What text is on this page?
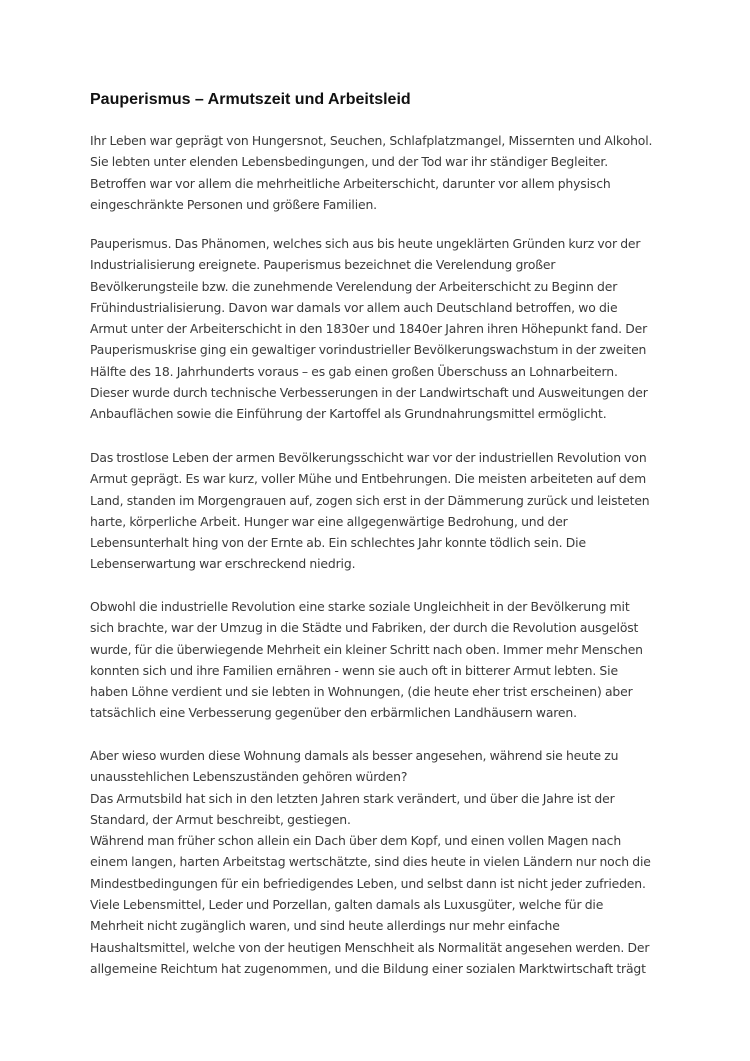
Pauperismus – Armutszeit und Arbeitsleid
Ihr Leben war geprägt von Hungersnot, Seuchen, Schlafplatzmangel, Missernten und Alkohol.
Sie lebten unter elenden Lebensbedingungen, und der Tod war ihr ständiger Begleiter.
Betroffen war vor allem die mehrheitliche Arbeiterschicht, darunter vor allem physisch
eingeschränkte Personen und größere Familien.
Pauperismus. Das Phänomen, welches sich aus bis heute ungeklärten Gründen kurz vor der
Industrialisierung ereignete. Pauperismus bezeichnet die Verelendung großer
Bevölkerungsteile bzw. die zunehmende Verelendung der Arbeiterschicht zu Beginn der
Frühindustrialisierung. Davon war damals vor allem auch Deutschland betroffen, wo die
Armut unter der Arbeiterschicht in den 1830er und 1840er Jahren ihren Höhepunkt fand. Der
Pauperismuskrise ging ein gewaltiger vorindustrieller Bevölkerungswachstum in der zweiten
Hälfte des 18. Jahrhunderts voraus – es gab einen großen Überschuss an Lohnarbeitern.
Dieser wurde durch technische Verbesserungen in der Landwirtschaft und Ausweitungen der
Anbauflächen sowie die Einführung der Kartoffel als Grundnahrungsmittel ermöglicht.
Das trostlose Leben der armen Bevölkerungsschicht war vor der industriellen Revolution von
Armut geprägt. Es war kurz, voller Mühe und Entbehrungen. Die meisten arbeiteten auf dem
Land, standen im Morgengrauen auf, zogen sich erst in der Dämmerung zurück und leisteten
harte, körperliche Arbeit. Hunger war eine allgegenwärtige Bedrohung, und der
Lebensunterhalt hing von der Ernte ab. Ein schlechtes Jahr konnte tödlich sein. Die
Lebenserwartung war erschreckend niedrig.
Obwohl die industrielle Revolution eine starke soziale Ungleichheit in der Bevölkerung mit
sich brachte, war der Umzug in die Städte und Fabriken, der durch die Revolution ausgelöst
wurde, für die überwiegende Mehrheit ein kleiner Schritt nach oben. Immer mehr Menschen
konnten sich und ihre Familien ernähren - wenn sie auch oft in bitterer Armut lebten. Sie
haben Löhne verdient und sie lebten in Wohnungen, (die heute eher trist erscheinen) aber
tatsächlich eine Verbesserung gegenüber den erbärmlichen Landhäusern waren.
Aber wieso wurden diese Wohnung damals als besser angesehen, während sie heute zu
unausstehlichen Lebenszuständen gehören würden?
Das Armutsbild hat sich in den letzten Jahren stark verändert, und über die Jahre ist der
Standard, der Armut beschreibt, gestiegen.
Während man früher schon allein ein Dach über dem Kopf, und einen vollen Magen nach
einem langen, harten Arbeitstag wertschätzte, sind dies heute in vielen Ländern nur noch die
Mindestbedingungen für ein befriedigendes Leben, und selbst dann ist nicht jeder zufrieden.
Viele Lebensmittel, Leder und Porzellan, galten damals als Luxusgüter, welche für die
Mehrheit nicht zugänglich waren, und sind heute allerdings nur mehr einfache
Haushaltsmittel, welche von der heutigen Menschheit als Normalität angesehen werden. Der
allgemeine Reichtum hat zugenommen, und die Bildung einer sozialen Marktwirtschaft trägt
